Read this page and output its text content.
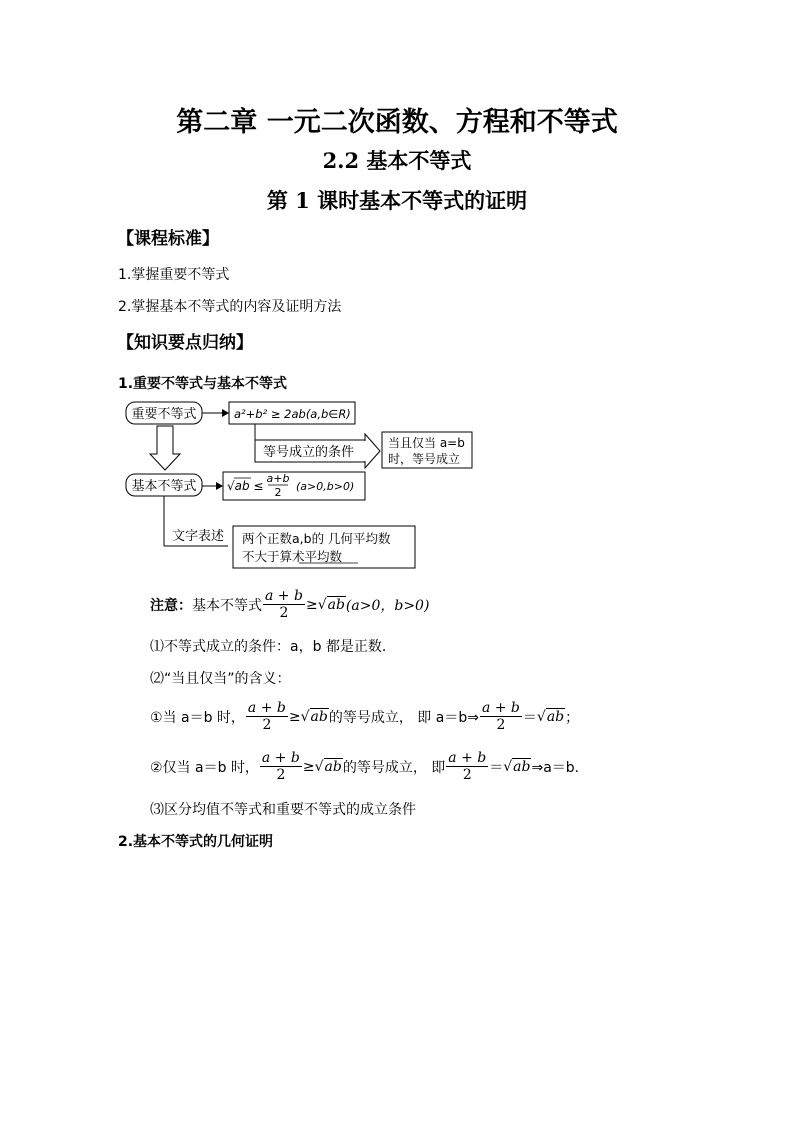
第二章 一元二次函数、方程和不等式
2.2 基本不等式
第 1 课时基本不等式的证明
【课程标准】
1.掌握重要不等式
2.掌握基本不等式的内容及证明方法
【知识要点归纳】
1.重要不等式与基本不等式
重要不等式	a²+b² ≥ 2ab(a,b∈R)
基本不等式	√ab ≤
a+b
2 (a>0,b>0)
等号成立的条件
当且仅当 a=b
时，等号成立
文字表述 两个正数a,b的 几何平均数
不大于算术平均数
注意： 基本不等式 $\frac{a + b}{2} \ge √ab$ (a>0，b>0)
⑴不等式成立的条件：a，b 都是正数．
⑵“当且仅当”的含义：
①当 a＝b 时， $\frac{a + b}{2} \ge √ab$ 的等号成立， 即 a＝b⇒ $\frac{a + b}{2} = √ab$ ；
②仅当 a＝b 时， $\frac{a + b}{2} \ge √ab$ 的等号成立， 即 $\frac{a + b}{2} = √ab$ ⇒a＝b.
⑶区分均值不等式和重要不等式的成立条件
2.基本不等式的几何证明
